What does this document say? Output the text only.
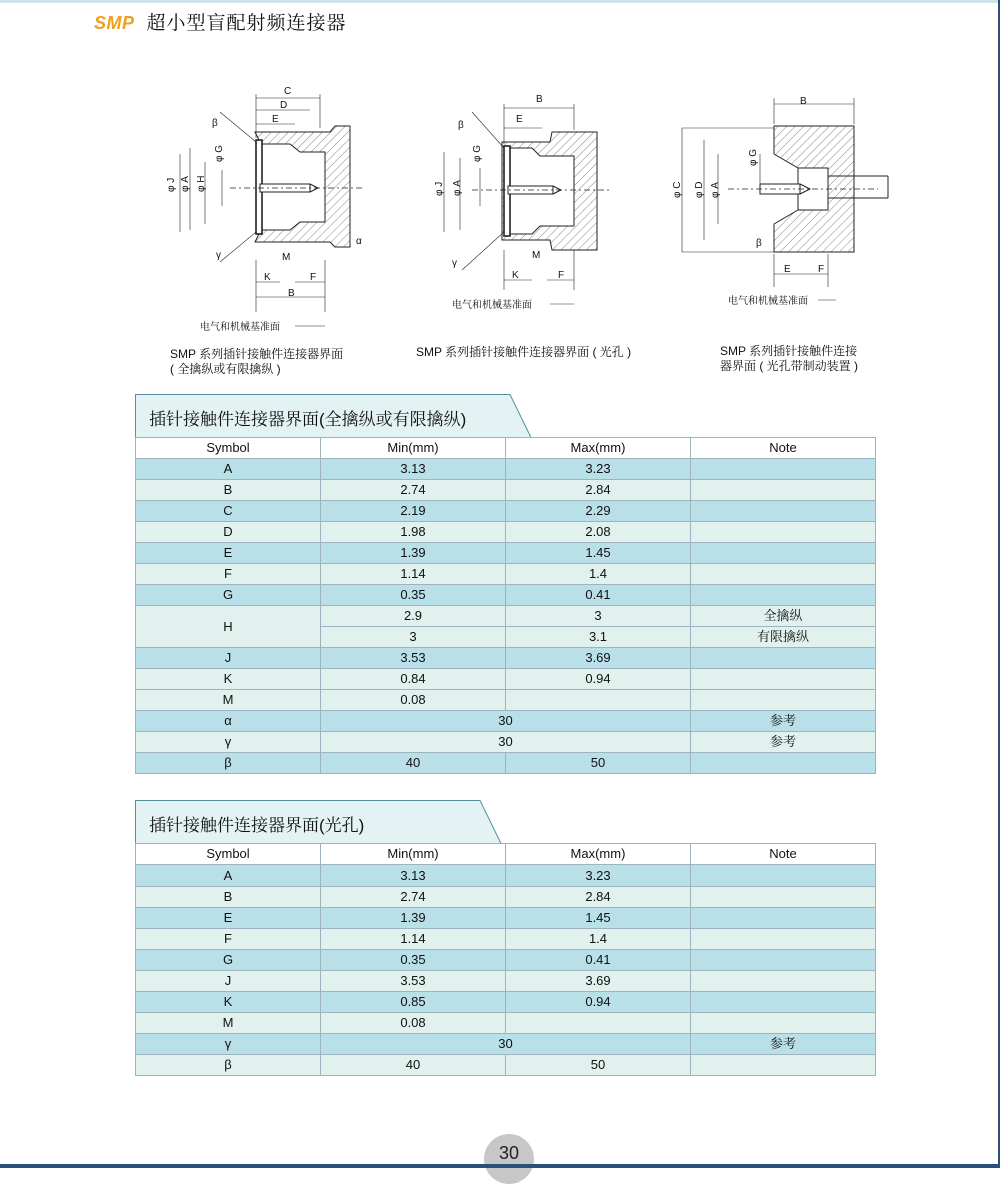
SMP 超小型盲配射频连接器
C
D
E
β
α
γ	M
K	F
B
φ J φ A φ H
φ G
电气和机械基准面
SMP 系列插针接触件连接器界面
( 全擒纵或有限擒纵 )
B
E
β
γ
M
K	F
φ J φ A
φ G
电气和机械基准面
SMP 系列插针接触件连接器界面 ( 光孔 )
B
β
E	F
φ C φ D φ A
φ G
电气和机械基准面
SMP 系列插针接触件连接
器界面 ( 光孔带制动装置 )
插针接触件连接器界面(全擒纵或有限擒纵)
Symbol	Min(mm)	Max(mm)	Note
A	3.13	3.23	
B	2.74	2.84	
C	2.19	2.29	
D	1.98	2.08	
E	1.39	1.45	
F	1.14	1.4	
G	0.35	0.41	
H	2.9	3	全擒纵
	3	3.1	有限擒纵
J	3.53	3.69	
K	0.84	0.94	
M	0.08		
α	30		参考
γ	30		参考
β	40	50	
插针接触件连接器界面(光孔)
Symbol	Min(mm)	Max(mm)	Note
A	3.13	3.23	
B	2.74	2.84	
E	1.39	1.45	
F	1.14	1.4	
G	0.35	0.41	
J	3.53	3.69	
K	0.85	0.94	
M	0.08		
γ	30		参考
β	40	50	
30
